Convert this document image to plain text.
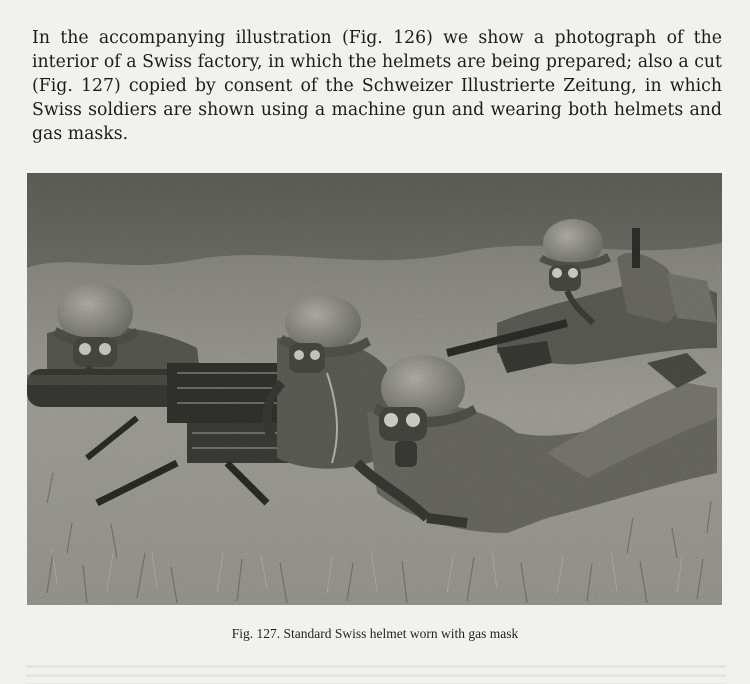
In the accompanying illustration (Fig. 126) we show a photograph of the interior of a Swiss factory, in which the helmets are being prepared; also a cut (Fig. 127) copied by consent of the Schweizer Illustrierte Zeitung, in which Swiss soldiers are shown using a machine gun and wearing both helmets and gas masks.

Fig. 127. Standard Swiss helmet worn with gas mask
